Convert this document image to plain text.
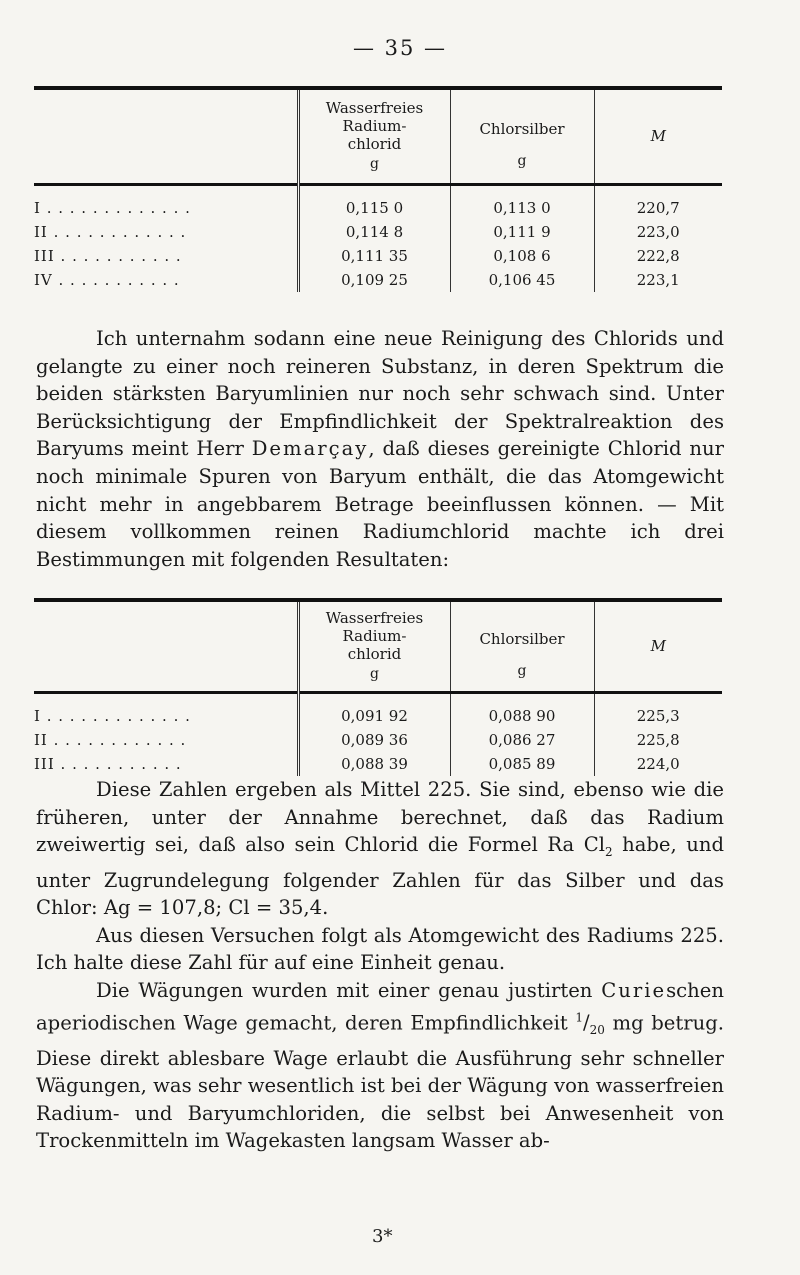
— 35 —

	Wasserfreies
Radium-
chlorid
g	Chlorsilber
g	M

I . . . . . . . . . . . . .	0,115 0	0,113 0	220,7
II . . . . . . . . . . . .	0,114 8	0,111 9	223,0
III . . . . . . . . . . .	0,111 35	0,108 6	222,8
IV . . . . . . . . . . .	0,109 25	0,106 45	223,1

Ich unternahm sodann eine neue Reinigung des Chlorids und gelangte zu einer noch reineren Substanz, in deren Spektrum die beiden stärksten Baryumlinien nur noch sehr schwach sind. Unter Berücksichtigung der Empfindlichkeit der Spektralreaktion des Baryums meint Herr Demarçay, daß dieses gereinigte Chlorid nur noch minimale Spuren von Baryum enthält, die das Atomgewicht nicht mehr in angebbarem Betrage beeinflussen können. — Mit diesem vollkommen reinen Radiumchlorid machte ich drei Bestimmungen mit folgenden Resultaten:

	Wasserfreies
Radium-
chlorid
g	Chlorsilber
g	M

I . . . . . . . . . . . . .	0,091 92	0,088 90	225,3
II . . . . . . . . . . . .	0,089 36	0,086 27	225,8
III . . . . . . . . . . .	0,088 39	0,085 89	224,0

Diese Zahlen ergeben als Mittel 225. Sie sind, ebenso wie die früheren, unter der Annahme berechnet, daß das Radium zweiwertig sei, daß also sein Chlorid die Formel Ra $Cl_2$ habe, und unter Zugrundelegung folgender Zahlen für das Silber und das Chlor: Ag = 107,8; Cl = 35,4.

Aus diesen Versuchen folgt als Atomgewicht des Radiums 225. Ich halte diese Zahl für auf eine Einheit genau.

Die Wägungen wurden mit einer genau justirten Curieschen aperiodischen Wage gemacht, deren Empfindlichkeit $^1/_{20}$ mg betrug. Diese direkt ablesbare Wage erlaubt die Ausführung sehr schneller Wägungen, was sehr wesentlich ist bei der Wägung von wasserfreien Radium- und Baryumchloriden, die selbst bei Anwesenheit von Trockenmitteln im Wagekasten langsam Wasser ab-

3*
